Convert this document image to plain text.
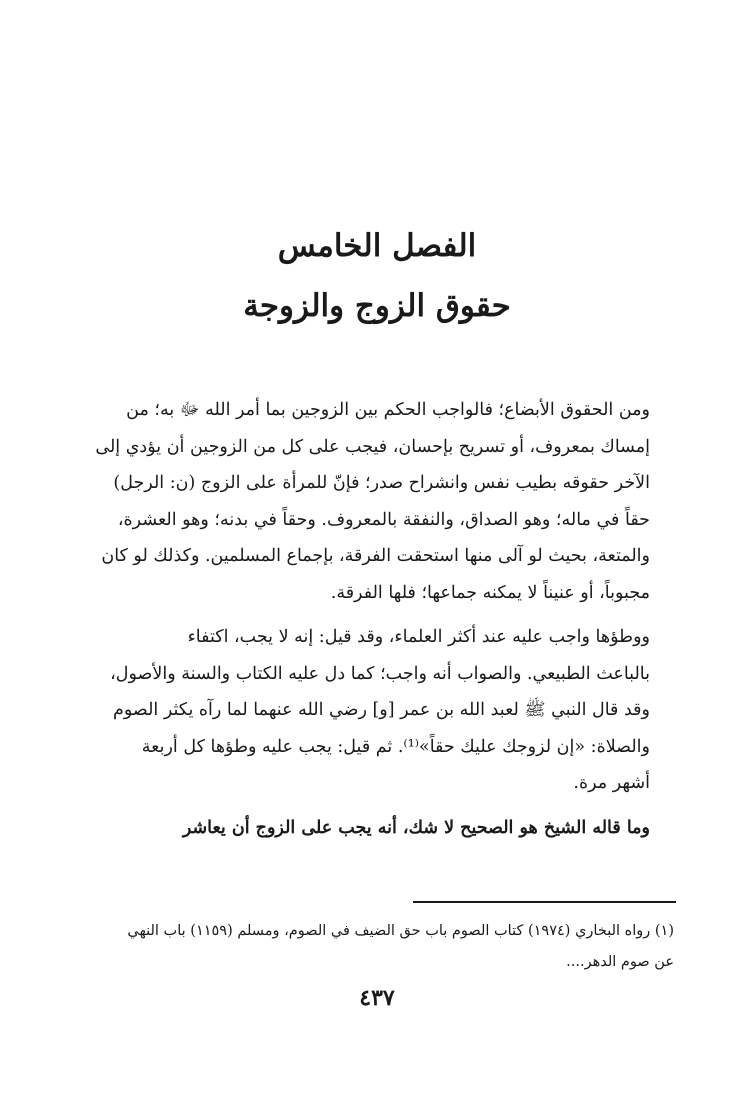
الفصل الخامس
حقوق الزوج والزوجة

ومن الحقوق الأبضاع؛ فالواجب الحكم بين الزوجين بما أمر الله ﷻ به؛ من
إمساك بمعروف، أو تسريح بإحسان، فيجب على كل من الزوجين أن يؤدي إلى
الآخر حقوقه بطيب نفس وانشراح صدر؛ فإنّ للمرأة على الزوج (ن: الرجل)
حقاً في ماله؛ وهو الصداق، والنفقة بالمعروف. وحقاً في بدنه؛ وهو العشرة،
والمتعة، بحيث لو آلى منها استحقت الفرقة، بإجماع المسلمين. وكذلك لو كان
مجبوباً، أو عنيناً لا يمكنه جماعها؛ فلها الفرقة.

ووطؤها واجب عليه عند أكثر العلماء، وقد قيل: إنه لا يجب، اكتفاء
بالباعث الطبيعي. والصواب أنه واجب؛ كما دل عليه الكتاب والسنة والأصول،
وقد قال النبي ﷺ لعبد الله بن عمر [و] رضي الله عنهما لما رآه يكثر الصوم
والصلاة: «إن لزوجك عليك حقاً»⁽¹⁾. ثم قيل: يجب عليه وطؤها كل أربعة
أشهر مرة.

وما قاله الشيخ هو الصحيح لا شك، أنه يجب على الزوج أن يعاشر

(١) رواه البخاري (١٩٧٤) كتاب الصوم باب حق الضيف في الصوم، ومسلم (١١٥٩) باب النهي
عن صوم الدهر....
٤٣٧
